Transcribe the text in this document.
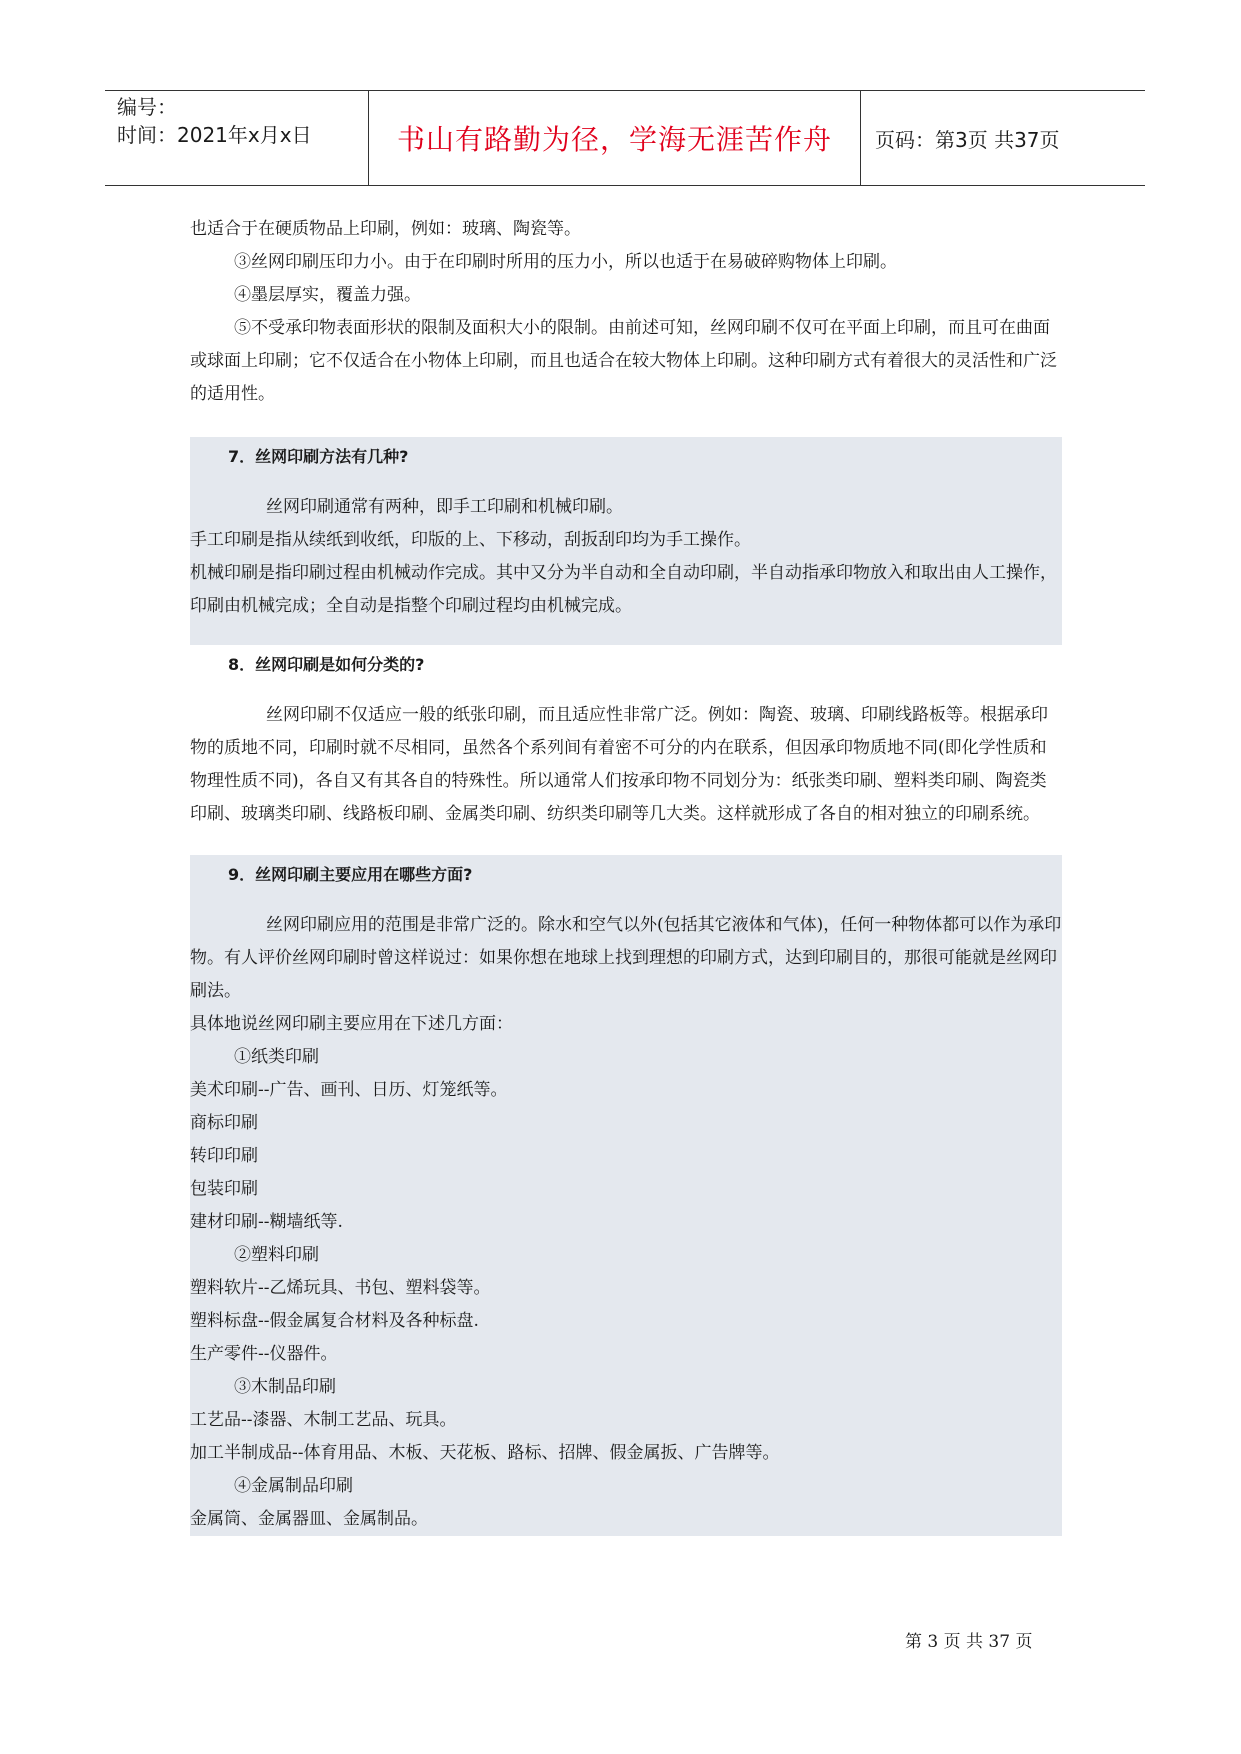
编号：
时间：2021年x月x日	书山有路勤为径，学海无涯苦作舟	页码：第3页 共37页

也适合于在硬质物品上印刷，例如：玻璃、陶瓷等。

③丝网印刷压印力小。由于在印刷时所用的压力小，所以也适于在易破碎购物体上印刷。

④墨层厚实，覆盖力强。

⑤不受承印物表面形状的限制及面积大小的限制。由前述可知，丝网印刷不仅可在平面上印刷，而且可在曲面或球面上印刷；它不仅适合在小物体上印刷，而且也适合在较大物体上印刷。这种印刷方式有着很大的灵活性和广泛的适用性。

7．丝网印刷方法有几种?

丝网印刷通常有两种，即手工印刷和机械印刷。

手工印刷是指从续纸到收纸，印版的上、下移动，刮扳刮印均为手工操作。

机械印刷是指印刷过程由机械动作完成。其中又分为半自动和全自动印刷，半自动指承印物放入和取出由人工操作，印刷由机械完成；全自动是指整个印刷过程均由机械完成。

8．丝网印刷是如何分类的?

丝网印刷不仅适应一般的纸张印刷，而且适应性非常广泛。例如：陶瓷、玻璃、印刷线路板等。根据承印物的质地不同，印刷时就不尽相同，虽然各个系列间有着密不可分的内在联系，但因承印物质地不同(即化学性质和物理性质不同)，各自又有其各自的特殊性。所以通常人们按承印物不同划分为：纸张类印刷、塑料类印刷、陶瓷类印刷、玻璃类印刷、线路板印刷、金属类印刷、纺织类印刷等几大类。这样就形成了各自的相对独立的印刷系统。

9．丝网印刷主要应用在哪些方面?

丝网印刷应用的范围是非常广泛的。除水和空气以外(包括其它液体和气体)，任何一种物体都可以作为承印物。有人评价丝网印刷时曾这样说过：如果你想在地球上找到理想的印刷方式，达到印刷目的，那很可能就是丝网印刷法。

具体地说丝网印刷主要应用在下述几方面：

①纸类印刷

美术印刷--广告、画刊、日历、灯笼纸等。

商标印刷

转印印刷

包装印刷

建材印刷--糊墙纸等.

②塑料印刷

塑料软片--乙烯玩具、书包、塑料袋等。

塑料标盘--假金属复合材料及各种标盘.

生产零件--仪器件。

③木制品印刷

工艺品--漆器、木制工艺品、玩具。

加工半制成品--体育用品、木板、天花板、路标、招牌、假金属扳、广告牌等。

④金属制品印刷

金属筒、金属器皿、金属制品。

第 3 页 共 37 页
